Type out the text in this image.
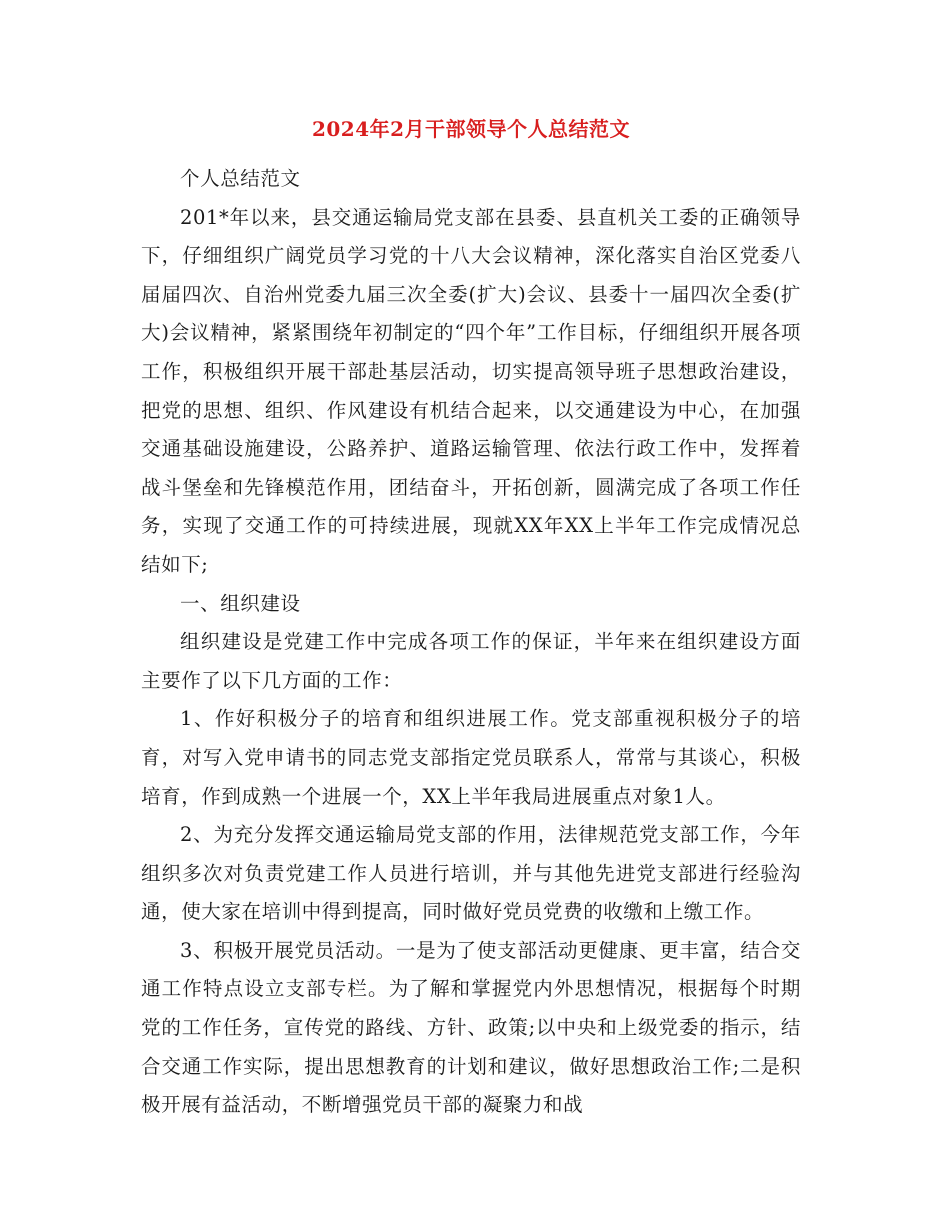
2024年2月干部领导个人总结范文

个人总结范文

201*年以来，县交通运输局党支部在县委、县直机关工委的正确领导下，仔细组织广阔党员学习党的十八大会议精神，深化落实自治区党委八届届四次、自治州党委九届三次全委(扩大)会议、县委十一届四次全委(扩大)会议精神，紧紧围绕年初制定的“四个年”工作目标，仔细组织开展各项工作，积极组织开展干部赴基层活动，切实提高领导班子思想政治建设，把党的思想、组织、作风建设有机结合起来，以交通建设为中心，在加强交通基础设施建设，公路养护、道路运输管理、依法行政工作中，发挥着战斗堡垒和先锋模范作用，团结奋斗，开拓创新，圆满完成了各项工作任务，实现了交通工作的可持续进展，现就XX年XX上半年工作完成情况总结如下;

一、组织建设

组织建设是党建工作中完成各项工作的保证，半年来在组织建设方面主要作了以下几方面的工作：

1、作好积极分子的培育和组织进展工作。党支部重视积极分子的培育，对写入党申请书的同志党支部指定党员联系人，常常与其谈心，积极培育，作到成熟一个进展一个，XX上半年我局进展重点对象1人。

2、为充分发挥交通运输局党支部的作用，法律规范党支部工作，今年组织多次对负责党建工作人员进行培训，并与其他先进党支部进行经验沟通，使大家在培训中得到提高，同时做好党员党费的收缴和上缴工作。

3、积极开展党员活动。一是为了使支部活动更健康、更丰富，结合交通工作特点设立支部专栏。为了解和掌握党内外思想情况，根据每个时期党的工作任务，宣传党的路线、方针、政策;以中央和上级党委的指示，结合交通工作实际，提出思想教育的计划和建议，做好思想政治工作;二是积极开展有益活动，不断增强党员干部的凝聚力和战
